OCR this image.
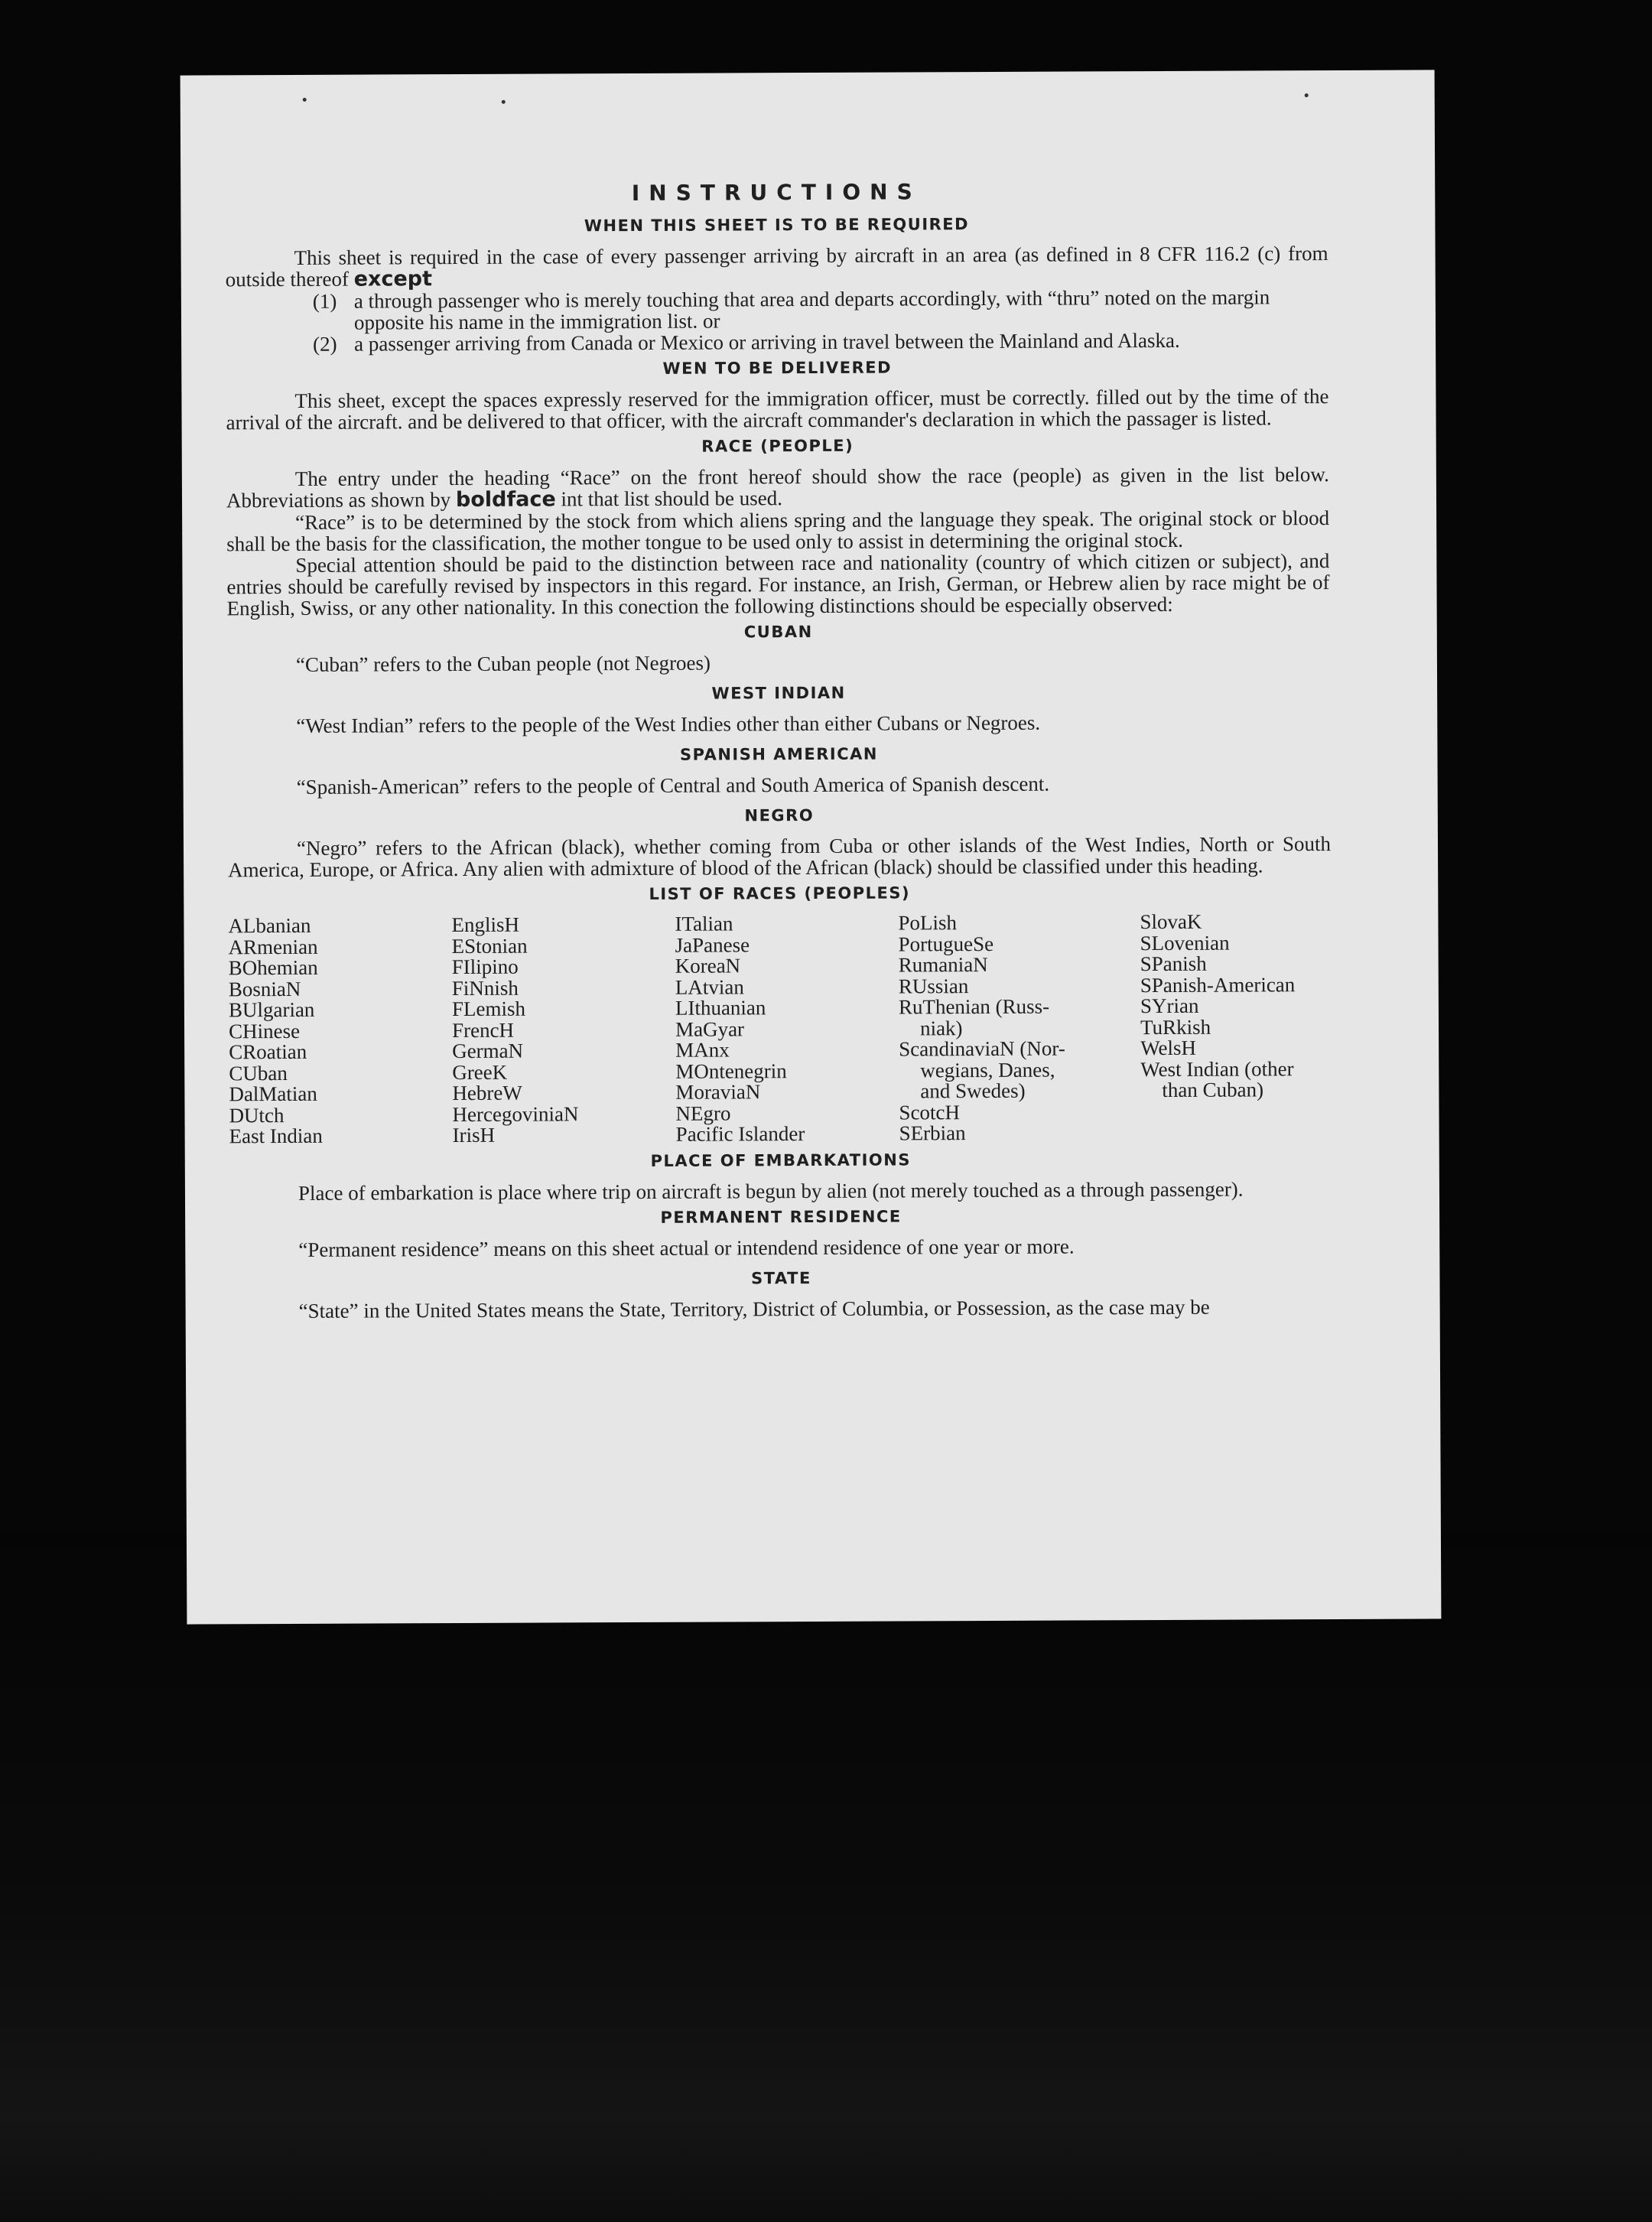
INSTRUCTIONS
WHEN THIS SHEET IS TO BE REQUIRED

This sheet is required in the case of every passenger arriving by aircraft in an area (as defined in 8 CFR 116.2 (c) from outside thereof except

(1) a through passenger who is merely touching that area and departs accordingly, with “thru” noted on the margin opposite his name in the immigration list. or

(2) a passenger arriving from Canada or Mexico or arriving in travel between the Mainland and Alaska.

WEN TO BE DELIVERED

This sheet, except the spaces expressly reserved for the immigration officer, must be correctly. filled out by the time of the arrival of the aircraft. and be delivered to that officer, with the aircraft commander's declaration in which the passager is listed.

RACE (PEOPLE)

The entry under the heading “Race” on the front hereof should show the race (people) as given in the list below. Abbreviations as shown by boldface int that list should be used.

“Race” is to be determined by the stock from which aliens spring and the language they speak. The original stock or blood shall be the basis for the classification, the mother tongue to be used only to assist in determining the original stock.

Special attention should be paid to the distinction between race and nationality (country of which citizen or subject), and entries should be carefully revised by inspectors in this regard. For instance, an Irish, German, or Hebrew alien by race might be of English, Swiss, or any other nationality. In this conection the following distinctions should be especially observed:

CUBAN

“Cuban” refers to the Cuban people (not Negroes)

WEST INDIAN

“West Indian” refers to the people of the West Indies other than either Cubans or Negroes.

SPANISH AMERICAN

“Spanish-American” refers to the people of Central and South America of Spanish descent.

NEGRO

“Negro” refers to the African (black), whether coming from Cuba or other islands of the West Indies, North or South America, Europe, or Africa. Any alien with admixture of blood of the African (black) should be classified under this heading.

LIST OF RACES (PEOPLES)
ALbanian
ARmenian
BOhemian
BosniaN
BUlgarian
CHinese
CRoatian
CUban
DalMatian
DUtch
East Indian
EnglisH
EStonian
FIlipino
FiNnish
FLemish
FrencH
GermaN
GreeK
HebreW
HercegoviniaN
IrisH
ITalian
JaPanese
KoreaN
LAtvian
LIthuanian
MaGyar
MAnx
MOntenegrin
MoraviaN
NEgro
Pacific Islander
PoLish
PortugueSe
RumaniaN
RUssian
RuThenian (Russ-
niak)
ScandinaviaN (Nor-
wegians, Danes,
and Swedes)
ScotcH
SErbian
SlovaK
SLovenian
SPanish
SPanish-American
SYrian
TuRkish
WelsH
West Indian (other
than Cuban)
PLACE OF EMBARKATIONS

Place of embarkation is place where trip on aircraft is begun by alien (not merely touched as a through passenger).

PERMANENT RESIDENCE

“Permanent residence” means on this sheet actual or intendend residence of one year or more.

STATE

“State” in the United States means the State, Territory, District of Columbia, or Possession, as the case may be
